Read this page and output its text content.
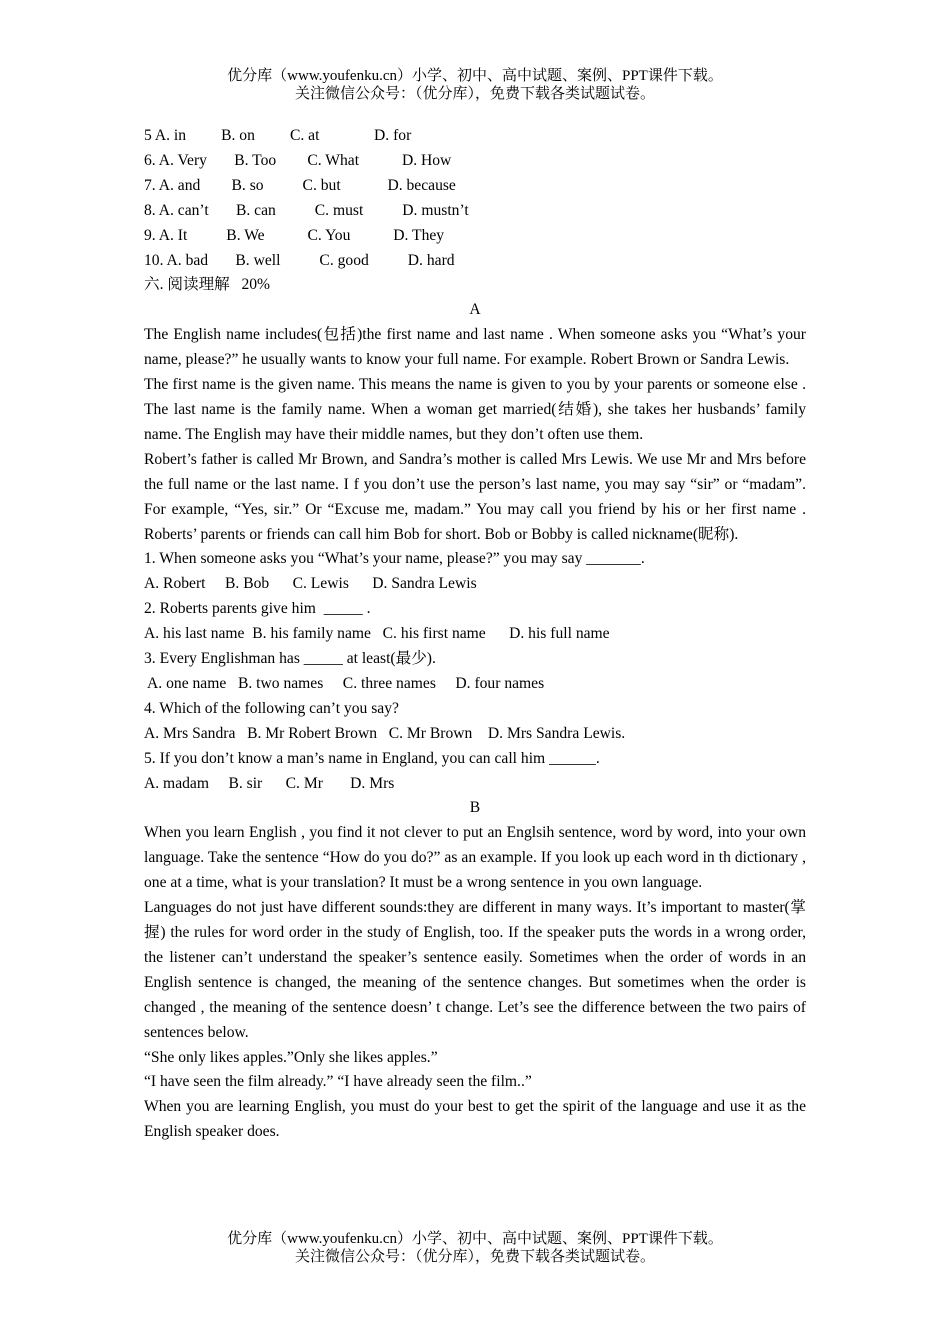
优分库（www.youfenku.cn）小学、初中、高中试题、案例、PPT课件下载。
关注微信公众号：（优分库），免费下载各类试题试卷。

5 A. in         B. on         C. at              D. for

6. A. Very       B. Too        C. What           D. How

7. A. and        B. so          C. but            D. because

8. A. can’t       B. can          C. must          D. mustn’t

9. A. It          B. We           C. You           D. They

10. A. bad       B. well          C. good          D. hard

六. 阅读理解   20%

A

The English name includes(包括)the first name and last name . When someone asks you “What’s your name, please?” he usually wants to know your full name. For example. Robert Brown or Sandra Lewis.

The first name is the given name. This means the name is given to you by your parents or someone else . The last name is the family name. When a woman get married(结婚), she takes her husbands’ family name. The English may have their middle names, but they don’t often use them.

Robert’s father is called Mr Brown, and Sandra’s mother is called Mrs Lewis. We use Mr and Mrs before the full name or the last name. I f you don’t use the person’s last name, you may say “sir” or “madam”. For example, “Yes, sir.” Or “Excuse me, madam.” You may call you friend by his or her first name . Roberts’ parents or friends can call him Bob for short. Bob or Bobby is called nickname(昵称).

1. When someone asks you “What’s your name, please?” you may say _______.

A. Robert     B. Bob      C. Lewis      D. Sandra Lewis

2. Roberts parents give him  _____ .

A. his last name  B. his family name   C. his first name      D. his full name

3. Every Englishman has _____ at least(最少).

A. one name   B. two names     C. three names     D. four names

4. Which of the following can’t you say?

A. Mrs Sandra   B. Mr Robert Brown   C. Mr Brown    D. Mrs Sandra Lewis.

5. If you don’t know a man’s name in England, you can call him ______.

A. madam     B. sir      C. Mr       D. Mrs

B

When you learn English , you find it not clever to put an Englsih sentence, word by word, into your own language. Take the sentence “How do you do?” as an example. If you look up each word in th dictionary , one at a time, what is your translation? It must be a wrong sentence in you own language.

Languages do not just have different sounds:they are different in many ways. It’s important to master(掌握) the rules for word order in the study of English, too. If the speaker puts the words in a wrong order, the listener can’t understand the speaker’s sentence easily. Sometimes when the order of words in an English sentence is changed, the meaning of the sentence changes. But sometimes when the order is changed , the meaning of the sentence doesn’ t change. Let’s see the difference between the two pairs of sentences below.

“She only likes apples.”Only she likes apples.”

“I have seen the film already.” “I have already seen the film..”

When you are learning English, you must do your best to get the spirit of the language and use it as the English speaker does.

优分库（www.youfenku.cn）小学、初中、高中试题、案例、PPT课件下载。
关注微信公众号：（优分库），免费下载各类试题试卷。
